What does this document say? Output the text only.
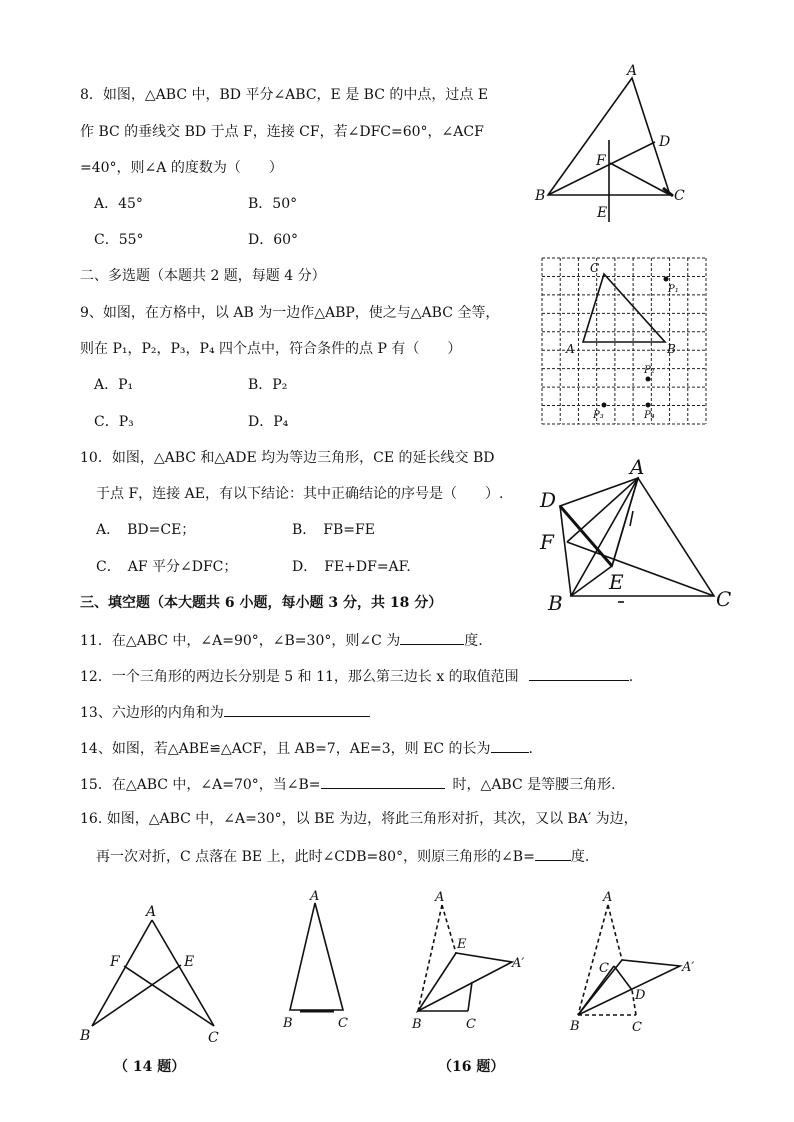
8．如图，△ABC 中，BD 平分∠ABC，E 是 BC 的中点，过点 E
作 BC 的垂线交 BD 于点 F，连接 CF，若∠DFC=60°，∠ACF
=40°，则∠A 的度数为（　　）
A．45°	B．50°
C．55°	D．60°
二、多选题（本题共 2 题，每题 4 分）
9、如图，在方格中，以 AB 为一边作△ABP，使之与△ABC 全等，
则在 P₁，P₂，P₃，P₄ 四个点中，符合条件的点 P 有（　　）
A．P₁	B．P₂
C．P₃	D．P₄
10．如图，△ABC 和△ADE 均为等边三角形，CE 的延长线交 BD
于点 F，连接 AE，有以下结论：其中正确结论的序号是（　　）.
A．　BD=CE；	B．　FB=FE
C．　AF 平分∠DFC；	D．　FE+DF=AF.
三、填空题（本大题共 6 小题，每小题 3 分，共 18 分）
11．在△ABC 中，∠A=90°，∠B=30°，则∠C 为	度.
12．一个三角形的两边长分别是 5 和 11，那么第三边长 x 的取值范围	.
13、六边形的内角和为
14、如图，若△ABE≌△ACF，且 AB=7，AE=3，则 EC 的长为	.
15．在△ABC 中，∠A=70°，当∠B=	时，△ABC 是等腰三角形.
16. 如图，△ABC 中，∠A=30°，以 BE 为边，将此三角形对折，其次，又以 BA′ 为边，
再一次对折，C 点落在 BE 上，此时∠CDB=80°，则原三角形的∠B=	度.
A
B	C
D
E
F
C
A	B
P₁
P₂
P₃	P₄
A
D
F
E
B	C
A
F	E
B	C
（ 14 题）
A
B	C
A
E
A′
B	C
A
C	A′
D
B	C
（16 题）
